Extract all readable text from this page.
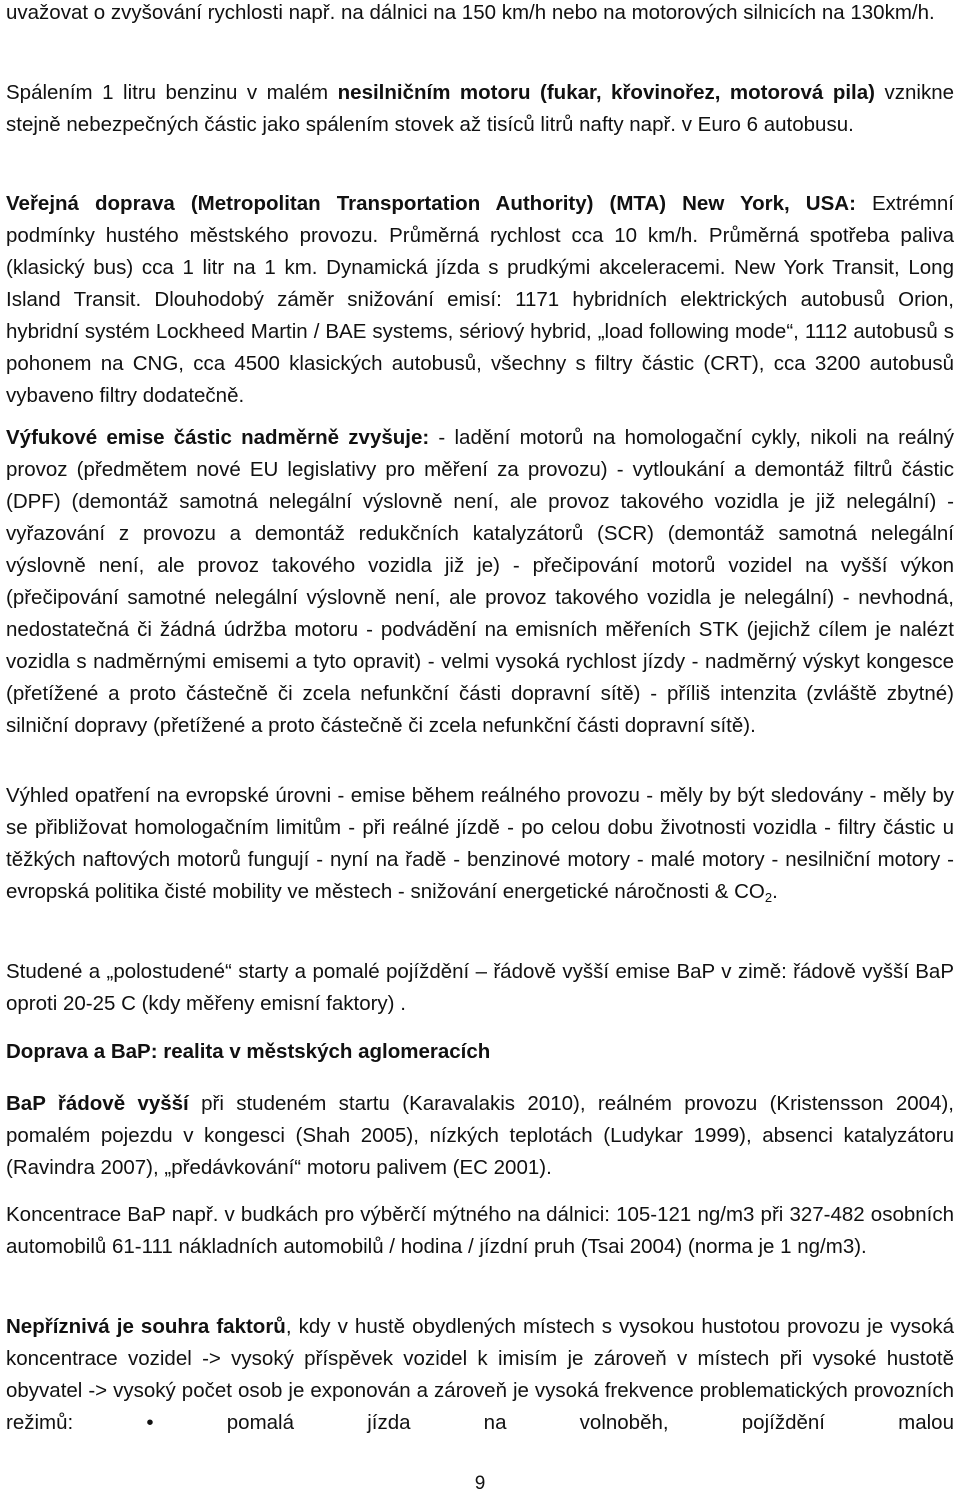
uvažovat o zvyšování rychlosti např. na dálnici na 150 km/h nebo na motorových silnicích na 130km/h.

Spálením 1 litru benzinu v malém nesilničním motoru (fukar, křovinořez, motorová pila) vznikne stejně nebezpečných částic jako spálením stovek až tisíců litrů nafty např. v Euro 6 autobusu.

Veřejná doprava (Metropolitan Transportation Authority) (MTA) New York, USA: Extrémní podmínky hustého městského provozu. Průměrná rychlost cca 10 km/h. Průměrná spotřeba paliva (klasický bus) cca 1 litr na 1 km. Dynamická jízda s prudkými akceleracemi. New York Transit, Long Island Transit. Dlouhodobý záměr snižování emisí: 1171 hybridních elektrických autobusů Orion, hybridní systém Lockheed Martin / BAE systems, sériový hybrid, „load following mode“, 1112 autobusů s pohonem na CNG, cca 4500 klasických autobusů, všechny s filtry částic (CRT), cca 3200 autobusů vybaveno filtry dodatečně.

Výfukové emise částic nadměrně zvyšuje: - ladění motorů na homologační cykly, nikoli na reálný provoz (předmětem nové EU legislativy pro měření za provozu) - vytloukání a demontáž filtrů částic (DPF) (demontáž samotná nelegální výslovně není, ale provoz takového vozidla je již nelegální) - vyřazování z provozu a demontáž redukčních katalyzátorů (SCR) (demontáž samotná nelegální výslovně není, ale provoz takového vozidla již je) - přečipování motorů vozidel na vyšší výkon (přečipování samotné nelegální výslovně není, ale provoz takového vozidla je nelegální) - nevhodná, nedostatečná či žádná údržba motoru - podvádění na emisních měřeních STK (jejichž cílem je nalézt vozidla s nadměrnými emisemi a tyto opravit) - velmi vysoká rychlost jízdy - nadměrný výskyt kongesce (přetížené a proto částečně či zcela nefunkční části dopravní sítě) - příliš intenzita (zvláště zbytné) silniční dopravy (přetížené a proto částečně či zcela nefunkční části dopravní sítě).

Výhled opatření na evropské úrovni - emise během reálného provozu - měly by být sledovány - měly by se přibližovat homologačním limitům - při reálné jízdě - po celou dobu životnosti vozidla - filtry částic u těžkých naftových motorů fungují - nyní na řadě - benzinové motory - malé motory - nesilniční motory - evropská politika čisté mobility ve městech - snižování energetické náročnosti & $CO_2$.

Studené a „polostudené“ starty a pomalé pojíždění – řádově vyšší emise BaP v zimě: řádově vyšší BaP oproti 20-25 C (kdy měřeny emisní faktory) .

Doprava a BaP: realita v městských aglomeracích

BaP řádově vyšší při studeném startu (Karavalakis 2010), reálném provozu (Kristensson 2004), pomalém pojezdu v kongesci (Shah 2005), nízkých teplotách (Ludykar 1999), absenci katalyzátoru (Ravindra 2007), „předávkování“ motoru palivem (EC 2001).

Koncentrace BaP např. v budkách pro výběrčí mýtného na dálnici: 105-121 ng/m3 při 327-482 osobních automobilů 61-111 nákladních automobilů / hodina / jízdní pruh (Tsai 2004) (norma je 1 ng/m3).

Nepříznivá je souhra faktorů, kdy v hustě obydlených místech s vysokou hustotou provozu je vysoká koncentrace vozidel -> vysoký příspěvek vozidel k imisím je zároveň v místech při vysoké hustotě obyvatel -> vysoký počet osob je exponován a zároveň je vysoká frekvence problematických provozních režimů:	• pomalá jízda na volnoběh, pojíždění malou

9
